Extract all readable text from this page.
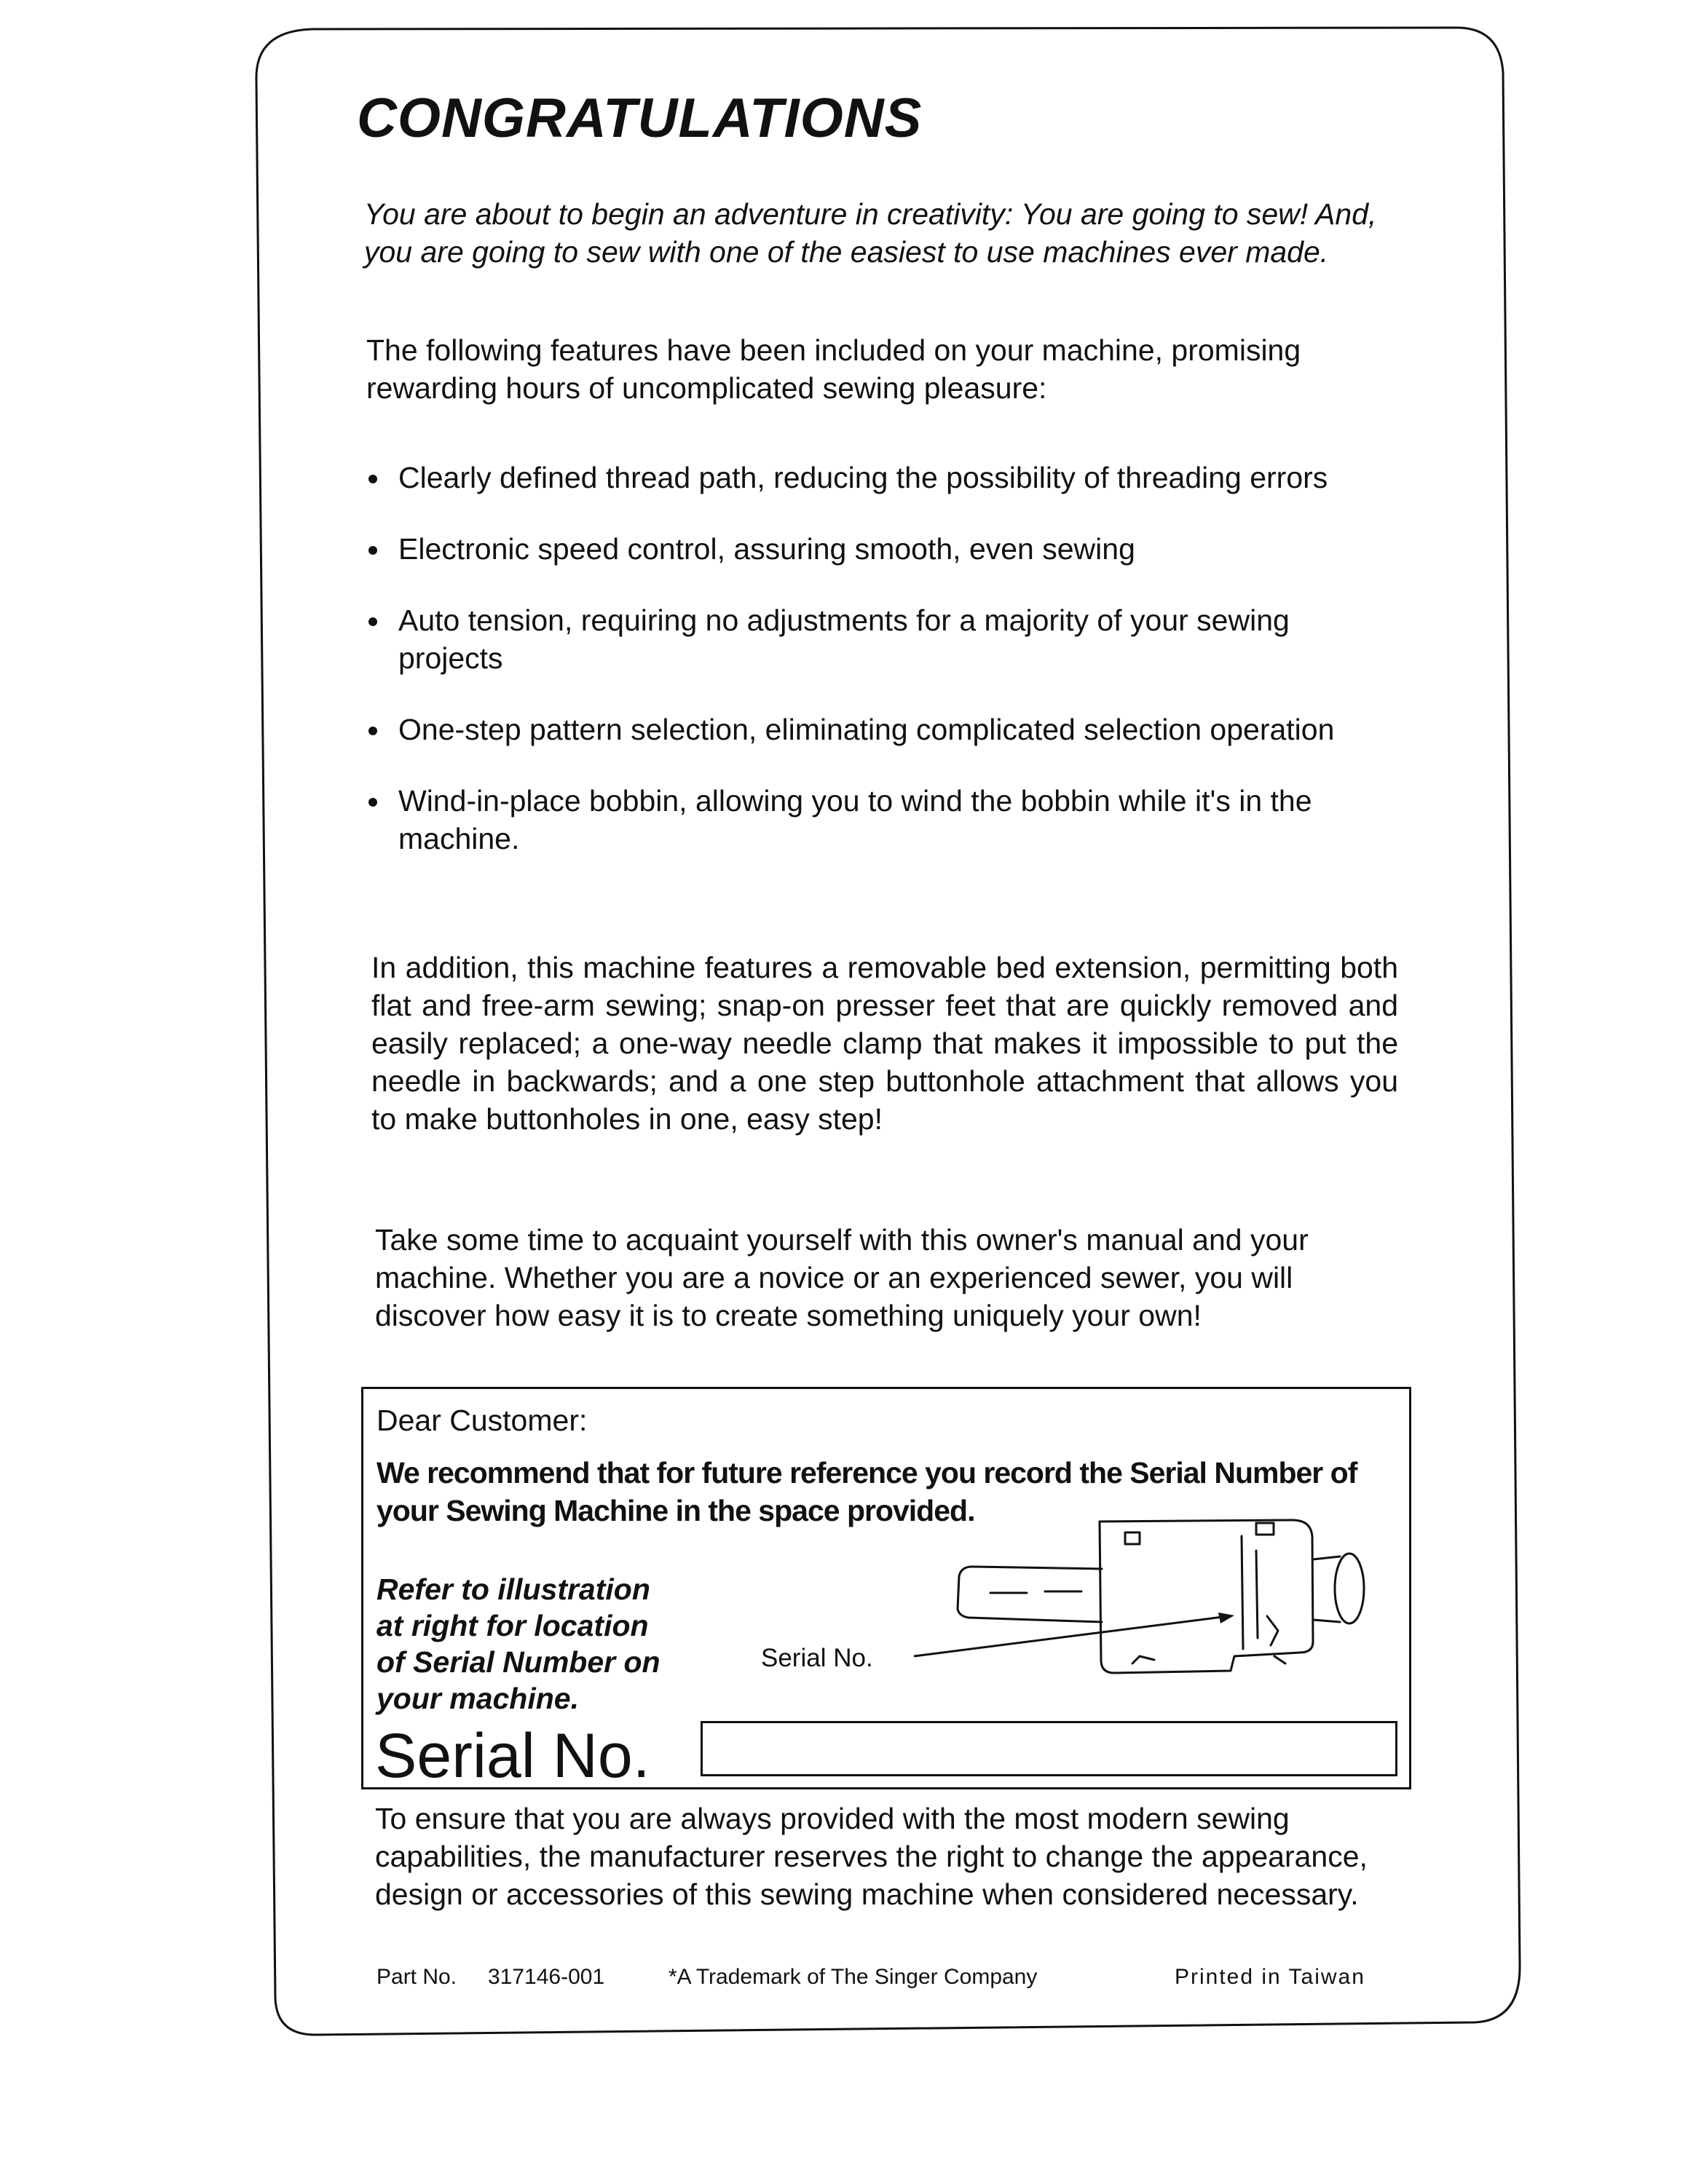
CONGRATULATIONS

You are about to begin an adventure in creativity: You are going to sew! And, you are going to sew with one of the easiest to use machines ever made.

The following features have been included on your machine, promising rewarding hours of uncomplicated sewing pleasure:

Clearly defined thread path, reducing the possibility of threading errors
Electronic speed control, assuring smooth, even sewing
Auto tension, requiring no adjustments for a majority of your sewing projects
One-step pattern selection, eliminating complicated selection operation
Wind-in-place bobbin, allowing you to wind the bobbin while it's in the machine.

In addition, this machine features a removable bed extension, permitting both flat and free-arm sewing; snap-on presser feet that are quickly removed and easily replaced; a one-way needle clamp that makes it impossible to put the needle in backwards; and a one step buttonhole attachment that allows you to make buttonholes in one, easy step!

Take some time to acquaint yourself with this owner's manual and your machine. Whether you are a novice or an experienced sewer, you will discover how easy it is to create something uniquely your own!

Dear Customer:
We recommend that for future reference you record the Serial Number of your Sewing Machine in the space provided.
Refer to illustration at right for location of Serial Number on your machine.
Serial No.
Serial No.

To ensure that you are always provided with the most modern sewing capabilities, the manufacturer reserves the right to change the appearance, design or accessories of this sewing machine when considered necessary.

Part No. 317146-001	*A Trademark of The Singer Company	Printed in Taiwan
